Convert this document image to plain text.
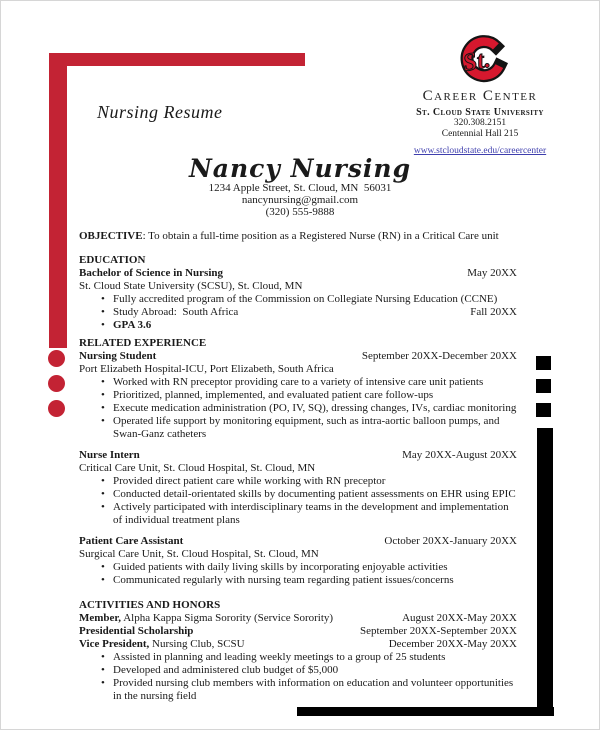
Nursing Resume
St.
Career Center
St. Cloud State University
320.308.2151
Centennial Hall 215
www.stcloudstate.edu/careercenter
Nancy Nursing
1234 Apple Street, St. Cloud, MN  56031
nancynursing@gmail.com
(320) 555-9888

OBJECTIVE: To obtain a full-time position as a Registered Nurse (RN) in a Critical Care unit

EDUCATION
Bachelor of Science in Nursing	May 20XX
St. Cloud State University (SCSU), St. Cloud, MN
•
Fully accredited program of the Commission on Collegiate Nursing Education (CCNE)
•
Study Abroad:  South Africa	Fall 20XX
•
GPA 3.6
RELATED EXPERIENCE
Nursing Student	September 20XX-December 20XX
Port Elizabeth Hospital-ICU, Port Elizabeth, South Africa
•
Worked with RN preceptor providing care to a variety of intensive care unit patients
•
Prioritized, planned, implemented, and evaluated patient care follow-ups
•
Execute medication administration (PO, IV, SQ), dressing changes, IVs, cardiac monitoring
•
Operated life support by monitoring equipment, such as intra-aortic balloon pumps, and Swan-Ganz catheters
Nurse Intern	May 20XX-August 20XX
Critical Care Unit, St. Cloud Hospital, St. Cloud, MN
•
Provided direct patient care while working with RN preceptor
•
Conducted detail-orientated skills by documenting patient assessments on EHR using EPIC
•
Actively participated with interdisciplinary teams in the development and implementation of individual treatment plans
Patient Care Assistant	October 20XX-January 20XX
Surgical Care Unit, St. Cloud Hospital, St. Cloud, MN
•
Guided patients with daily living skills by incorporating enjoyable activities
•
Communicated regularly with nursing team regarding patient issues/concerns
ACTIVITIES AND HONORS
Member, Alpha Kappa Sigma Sorority (Service Sorority)	August 20XX-May 20XX
Presidential Scholarship	September 20XX-September 20XX
Vice President, Nursing Club, SCSU	December 20XX-May 20XX
•
Assisted in planning and leading weekly meetings to a group of 25 students
•
Developed and administered club budget of $5,000
•
Provided nursing club members with information on education and volunteer opportunities in the nursing field
